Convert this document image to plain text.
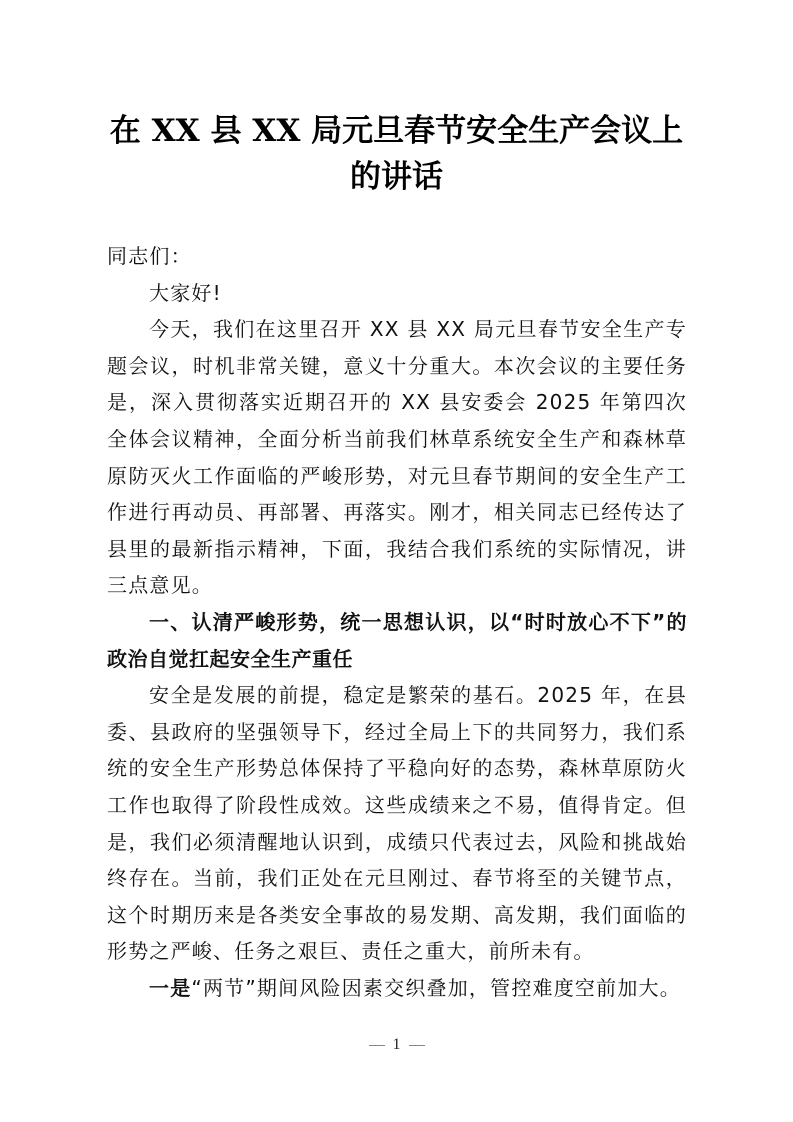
在 XX 县 XX 局元旦春节安全生产会议上
的讲话

同志们：

大家好!

今天，我们在这里召开 XX 县 XX 局元旦春节安全生产专题会议，时机非常关键，意义十分重大。本次会议的主要任务是，深入贯彻落实近期召开的 XX 县安委会 2025 年第四次全体会议精神，全面分析当前我们林草系统安全生产和森林草原防灭火工作面临的严峻形势，对元旦春节期间的安全生产工作进行再动员、再部署、再落实。刚才，相关同志已经传达了县里的最新指示精神，下面，我结合我们系统的实际情况，讲三点意见。

一、认清严峻形势，统一思想认识，以“时时放心不下”的政治自觉扛起安全生产重任

安全是发展的前提，稳定是繁荣的基石。2025 年，在县委、县政府的坚强领导下，经过全局上下的共同努力，我们系统的安全生产形势总体保持了平稳向好的态势，森林草原防火工作也取得了阶段性成效。这些成绩来之不易，值得肯定。但是，我们必须清醒地认识到，成绩只代表过去，风险和挑战始终存在。当前，我们正处在元旦刚过、春节将至的关键节点，这个时期历来是各类安全事故的易发期、高发期，我们面临的形势之严峻、任务之艰巨、责任之重大，前所未有。

一是“两节”期间风险因素交织叠加，管控难度空前加大。

1
